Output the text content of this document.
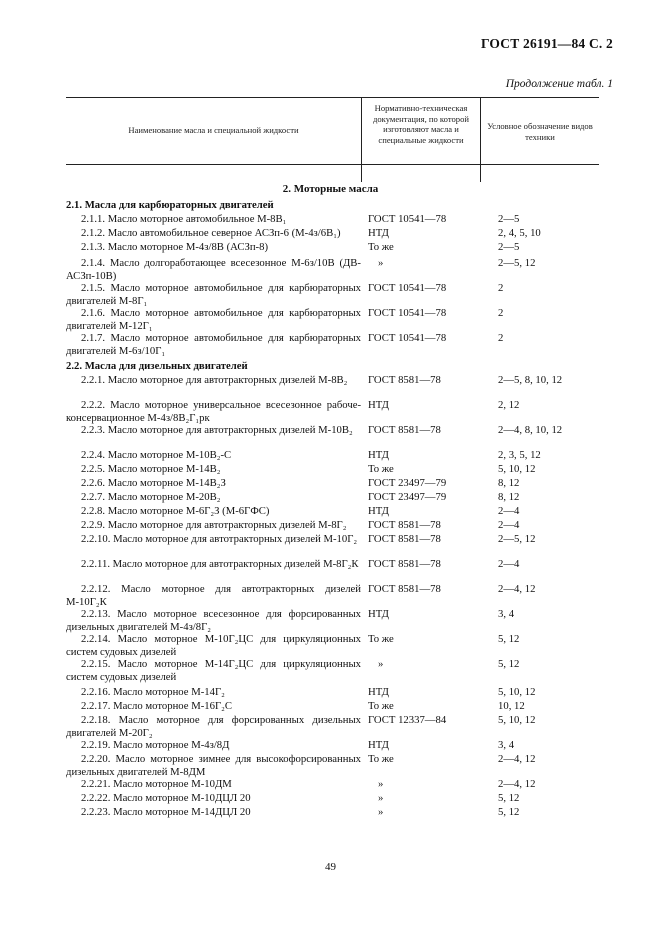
ГОСТ 26191—84 С. 2
Продолжение табл. 1
Наименование масла и специальной жидкости
Нормативно-техническая документация, по которой изготовляют масла и специальные жидкости
Условное обозначение видов техники
2. Моторные масла
2.1. Масла для карбюраторных двигателей
2.1.1. Масло моторное автомобильное М-8В₁	ГОСТ 10541—78	2—5
2.1.2. Масло автомобильное северное АСЗп-6 (М-4з/6В₁)	НТД	2, 4, 5, 10
2.1.3. Масло моторное М-4з/8В (АСЗп-8)	То же	2—5
2.1.4. Масло долгоработающее всесезонное М-6з/10В (ДВ-АСЗп-10В)
»	2—5, 12
2.1.5. Масло моторное автомобильное для карбюраторных двигателей М-8Г₁
ГОСТ 10541—78	2
2.1.6. Масло моторное автомобильное для карбюраторных двигателей М-12Г₁
ГОСТ 10541—78	2
2.1.7. Масло моторное автомобильное для карбюраторных двигателей М-6з/10Г₁
ГОСТ 10541—78	2
2.2. Масла для дизельных двигателей
2.2.1. Масло моторное для автотракторных дизелей М-8В₂	ГОСТ 8581—78	2—5, 8, 10, 12
2.2.2. Масло моторное универсальное всесезонное рабоче-консервационное М-4з/8В₂Г₁рк
НТД	2, 12
2.2.3. Масло моторное для автотракторных дизелей М-10В₂	ГОСТ 8581—78	2—4, 8, 10, 12
2.2.4. Масло моторное М-10В₂-С	НТД	2, 3, 5, 12
2.2.5. Масло моторное М-14В₂	То же	5, 10, 12
2.2.6. Масло моторное М-14В₂З	ГОСТ 23497—79	8, 12
2.2.7. Масло моторное М-20В₂	ГОСТ 23497—79	8, 12
2.2.8. Масло моторное М-6Г₂З (М-6ГФС)	НТД	2—4
2.2.9. Масло моторное для автотракторных дизелей М-8Г₂	ГОСТ 8581—78	2—4
2.2.10. Масло моторное для автотракторных дизелей М-10Г₂	ГОСТ 8581—78	2—5, 12
2.2.11. Масло моторное для автотракторных дизелей М-8Г₂К ГОСТ 8581—78	2—4
2.2.12. Масло моторное для автотракторных дизелей М-10Г₂К
ГОСТ 8581—78	2—4, 12
2.2.13. Масло моторное всесезонное для форсированных дизельных двигателей М-4з/8Г₂
НТД	3, 4
2.2.14. Масло моторное М-10Г₂ЦС для циркуляционных систем судовых дизелей
То же	5, 12
2.2.15. Масло моторное М-14Г₂ЦС для циркуляционных систем судовых дизелей
»	5, 12
2.2.16. Масло моторное М-14Г₂	НТД	5, 10, 12
2.2.17. Масло моторное М-16Г₂С	То же	10, 12
2.2.18. Масло моторное для форсированных дизельных двигателей М-20Г₂
ГОСТ 12337—84	5, 10, 12
2.2.19. Масло моторное М-4з/8Д	НТД	3, 4
2.2.20. Масло моторное зимнее для высокофорсированных дизельных двигателей М-8ДМ
То же	2—4, 12
2.2.21. Масло моторное М-10ДМ	»	2—4, 12
2.2.22. Масло моторное М-10ДЦЛ 20	»	5, 12
2.2.23. Масло моторное М-14ДЦЛ 20	»	5, 12
49
